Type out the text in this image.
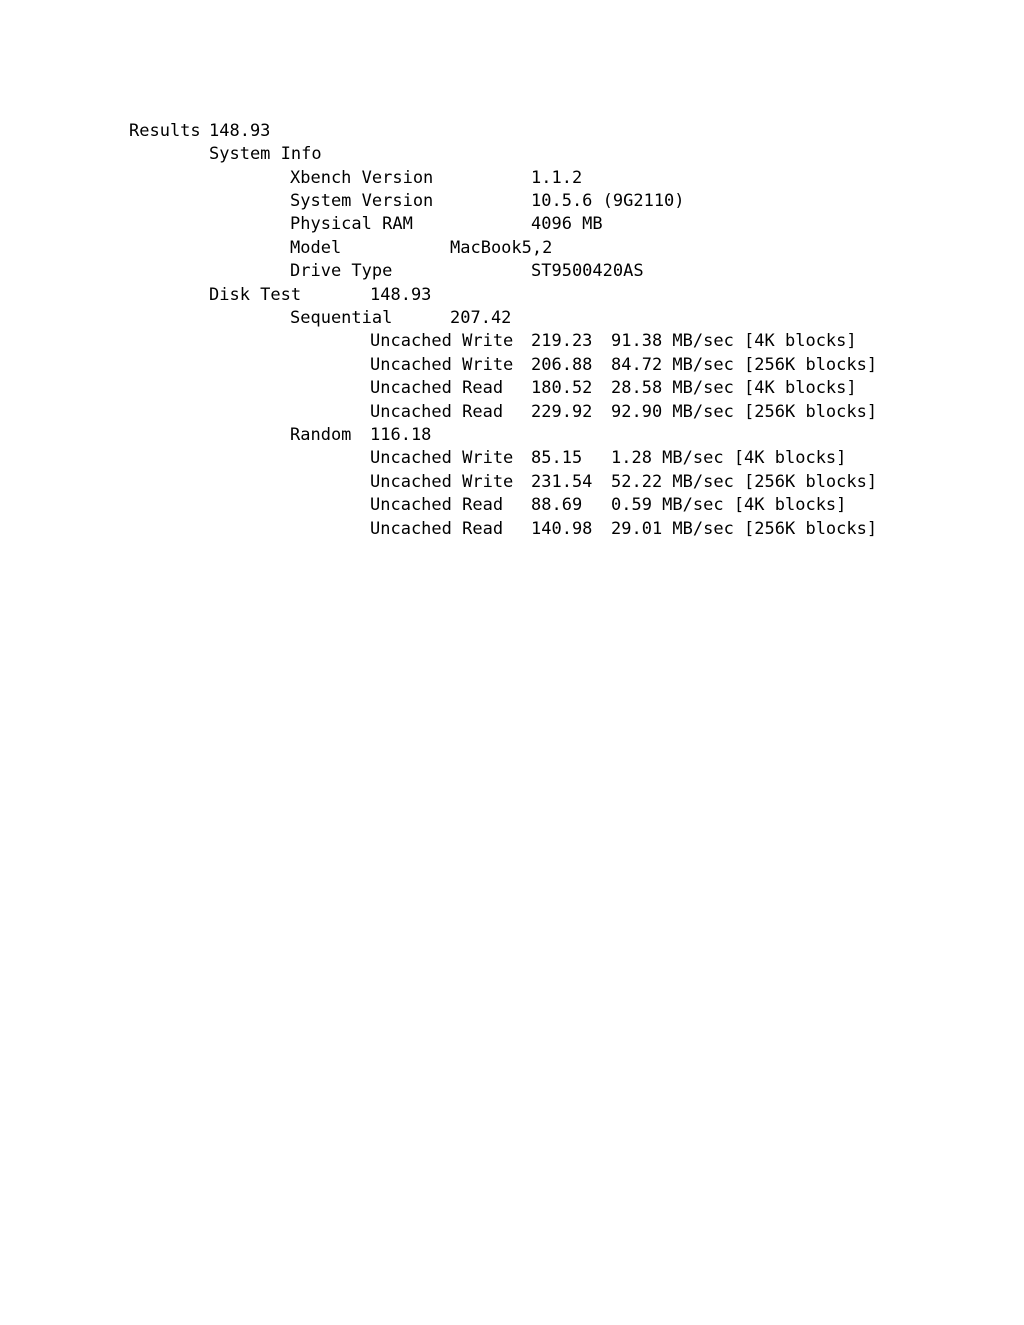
Results 148.93
System Info
Xbench Version	1.1.2
System Version	10.5.6 (9G2110)
Physical RAM	4096 MB
Model	MacBook5,2
Drive Type	ST9500420AS
Disk Test	148.93
Sequential	207.42
Uncached Write 219.23 91.38 MB/sec [4K blocks]
Uncached Write 206.88 84.72 MB/sec [256K blocks]
Uncached Read 180.52 28.58 MB/sec [4K blocks]
Uncached Read 229.92 92.90 MB/sec [256K blocks]
Random 116.18
Uncached Write 85.15 1.28 MB/sec [4K blocks]
Uncached Write 231.54 52.22 MB/sec [256K blocks]
Uncached Read 88.69 0.59 MB/sec [4K blocks]
Uncached Read 140.98 29.01 MB/sec [256K blocks]
